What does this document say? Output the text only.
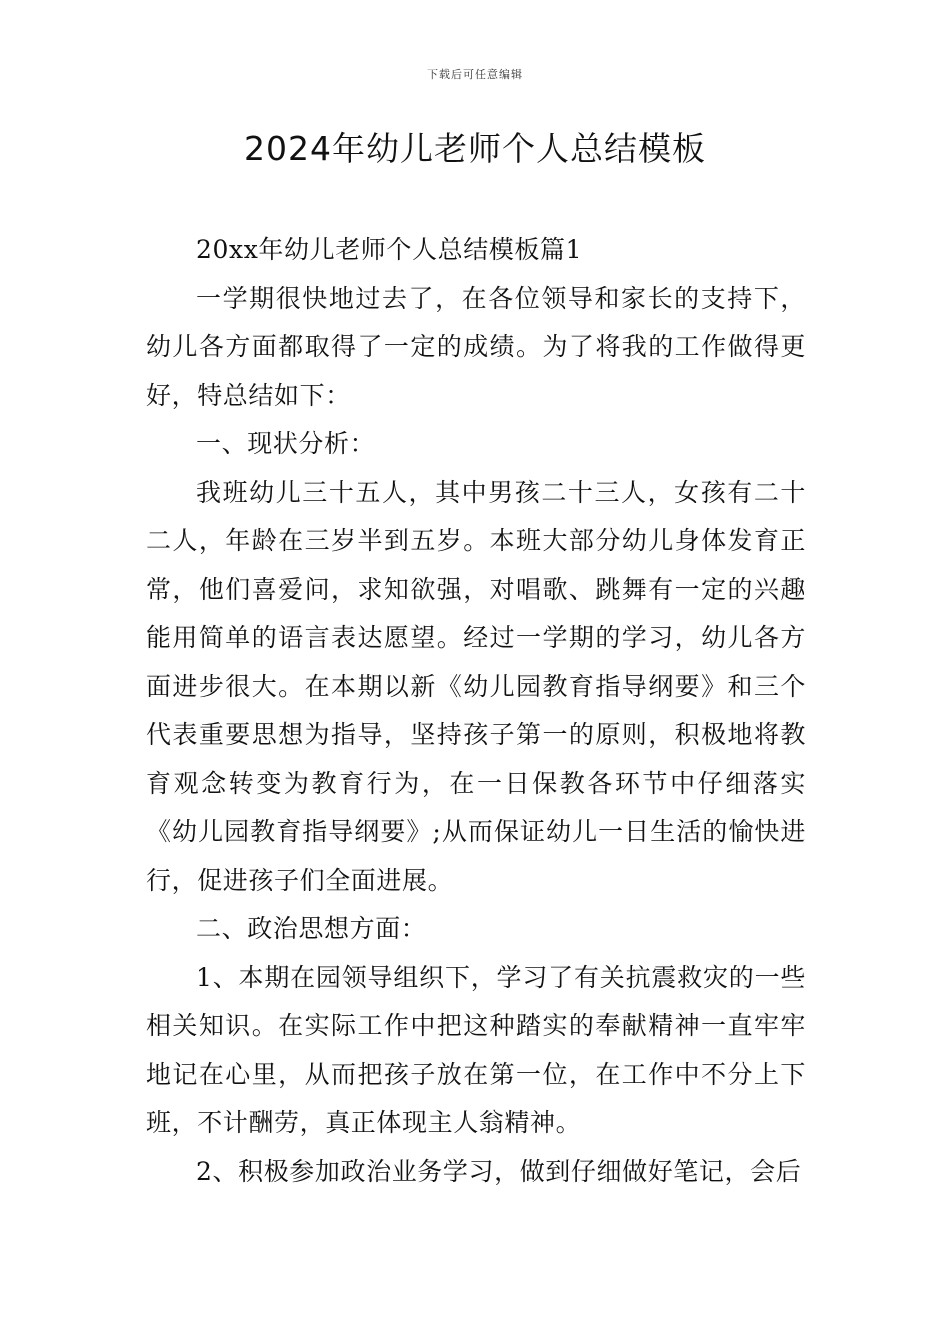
下载后可任意编辑
2024年幼儿老师个人总结模板

20xx年幼儿老师个人总结模板篇1

一学期很快地过去了，在各位领导和家长的支持下，幼儿各方面都取得了一定的成绩。为了将我的工作做得更好，特总结如下：

一、现状分析：

我班幼儿三十五人，其中男孩二十三人，女孩有二十二人，年龄在三岁半到五岁。本班大部分幼儿身体发育正常，他们喜爱问，求知欲强，对唱歌、跳舞有一定的兴趣能用简单的语言表达愿望。经过一学期的学习，幼儿各方面进步很大。在本期以新《幼儿园教育指导纲要》和三个代表重要思想为指导，坚持孩子第一的原则，积极地将教育观念转变为教育行为，在一日保教各环节中仔细落实《幼儿园教育指导纲要》;从而保证幼儿一日生活的愉快进行，促进孩子们全面进展。

二、政治思想方面：

1、本期在园领导组织下，学习了有关抗震救灾的一些相关知识。在实际工作中把这种踏实的奉献精神一直牢牢地记在心里，从而把孩子放在第一位，在工作中不分上下班，不计酬劳，真正体现主人翁精神。

2、积极参加政治业务学习，做到仔细做好笔记，会后
